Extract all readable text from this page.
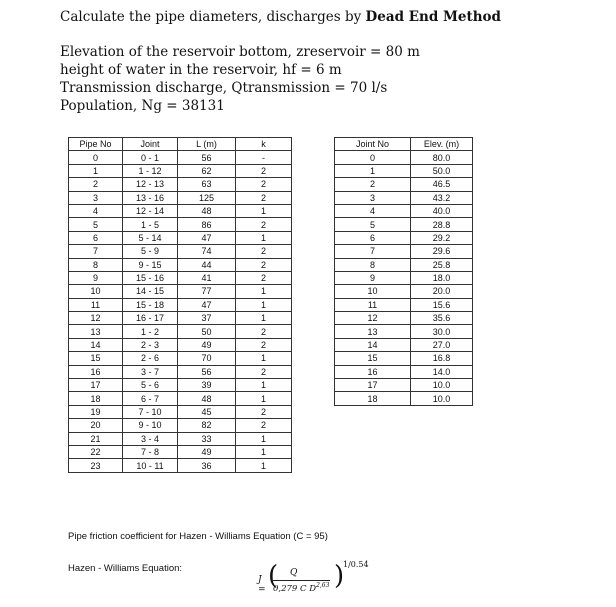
Calculate the pipe diameters, discharges by Dead End Method
Elevation of the reservoir bottom, zreservoir = 80 m
height of water in the reservoir, hf = 6 m
Transmission discharge, Qtransmission = 70 l/s
Population, Ng = 38131
Pipe No	Joint	L (m)	k
0	0 - 1	56	-
1	1 - 12	62	2
2	12 - 13	63	2
3	13 - 16	125	2
4	12 - 14	48	1
5	1 - 5	86	2
6	5 - 14	47	1
7	5 - 9	74	2
8	9 - 15	44	2
9	15 - 16	41	2
10	14 - 15	77	1
11	15 - 18	47	1
12	16 - 17	37	1
13	1 - 2	50	2
14	2 - 3	49	2
15	2 - 6	70	1
16	3 - 7	56	2
17	5 - 6	39	1
18	6 - 7	48	1
19	7 - 10	45	2
20	9 - 10	82	2
21	3 - 4	33	1
22	7 - 8	49	1
23	10 - 11	36	1
Joint No	Elev. (m)
0	80.0
1	50.0
2	46.5
3	43.2
4	40.0
5	28.8
6	29.2
7	29.6
8	25.8
9	18.0
10	20.0
11	15.6
12	35.6
13	30.0
14	27.0
15	16.8
16	14.0
17	10.0
18	10.0
Pipe friction coefficient for Hazen - Williams Equation (C = 95)
Hazen - Williams Equation:
J = ( Q
0,279 C D$^{2,63}$ )
1/0.54
